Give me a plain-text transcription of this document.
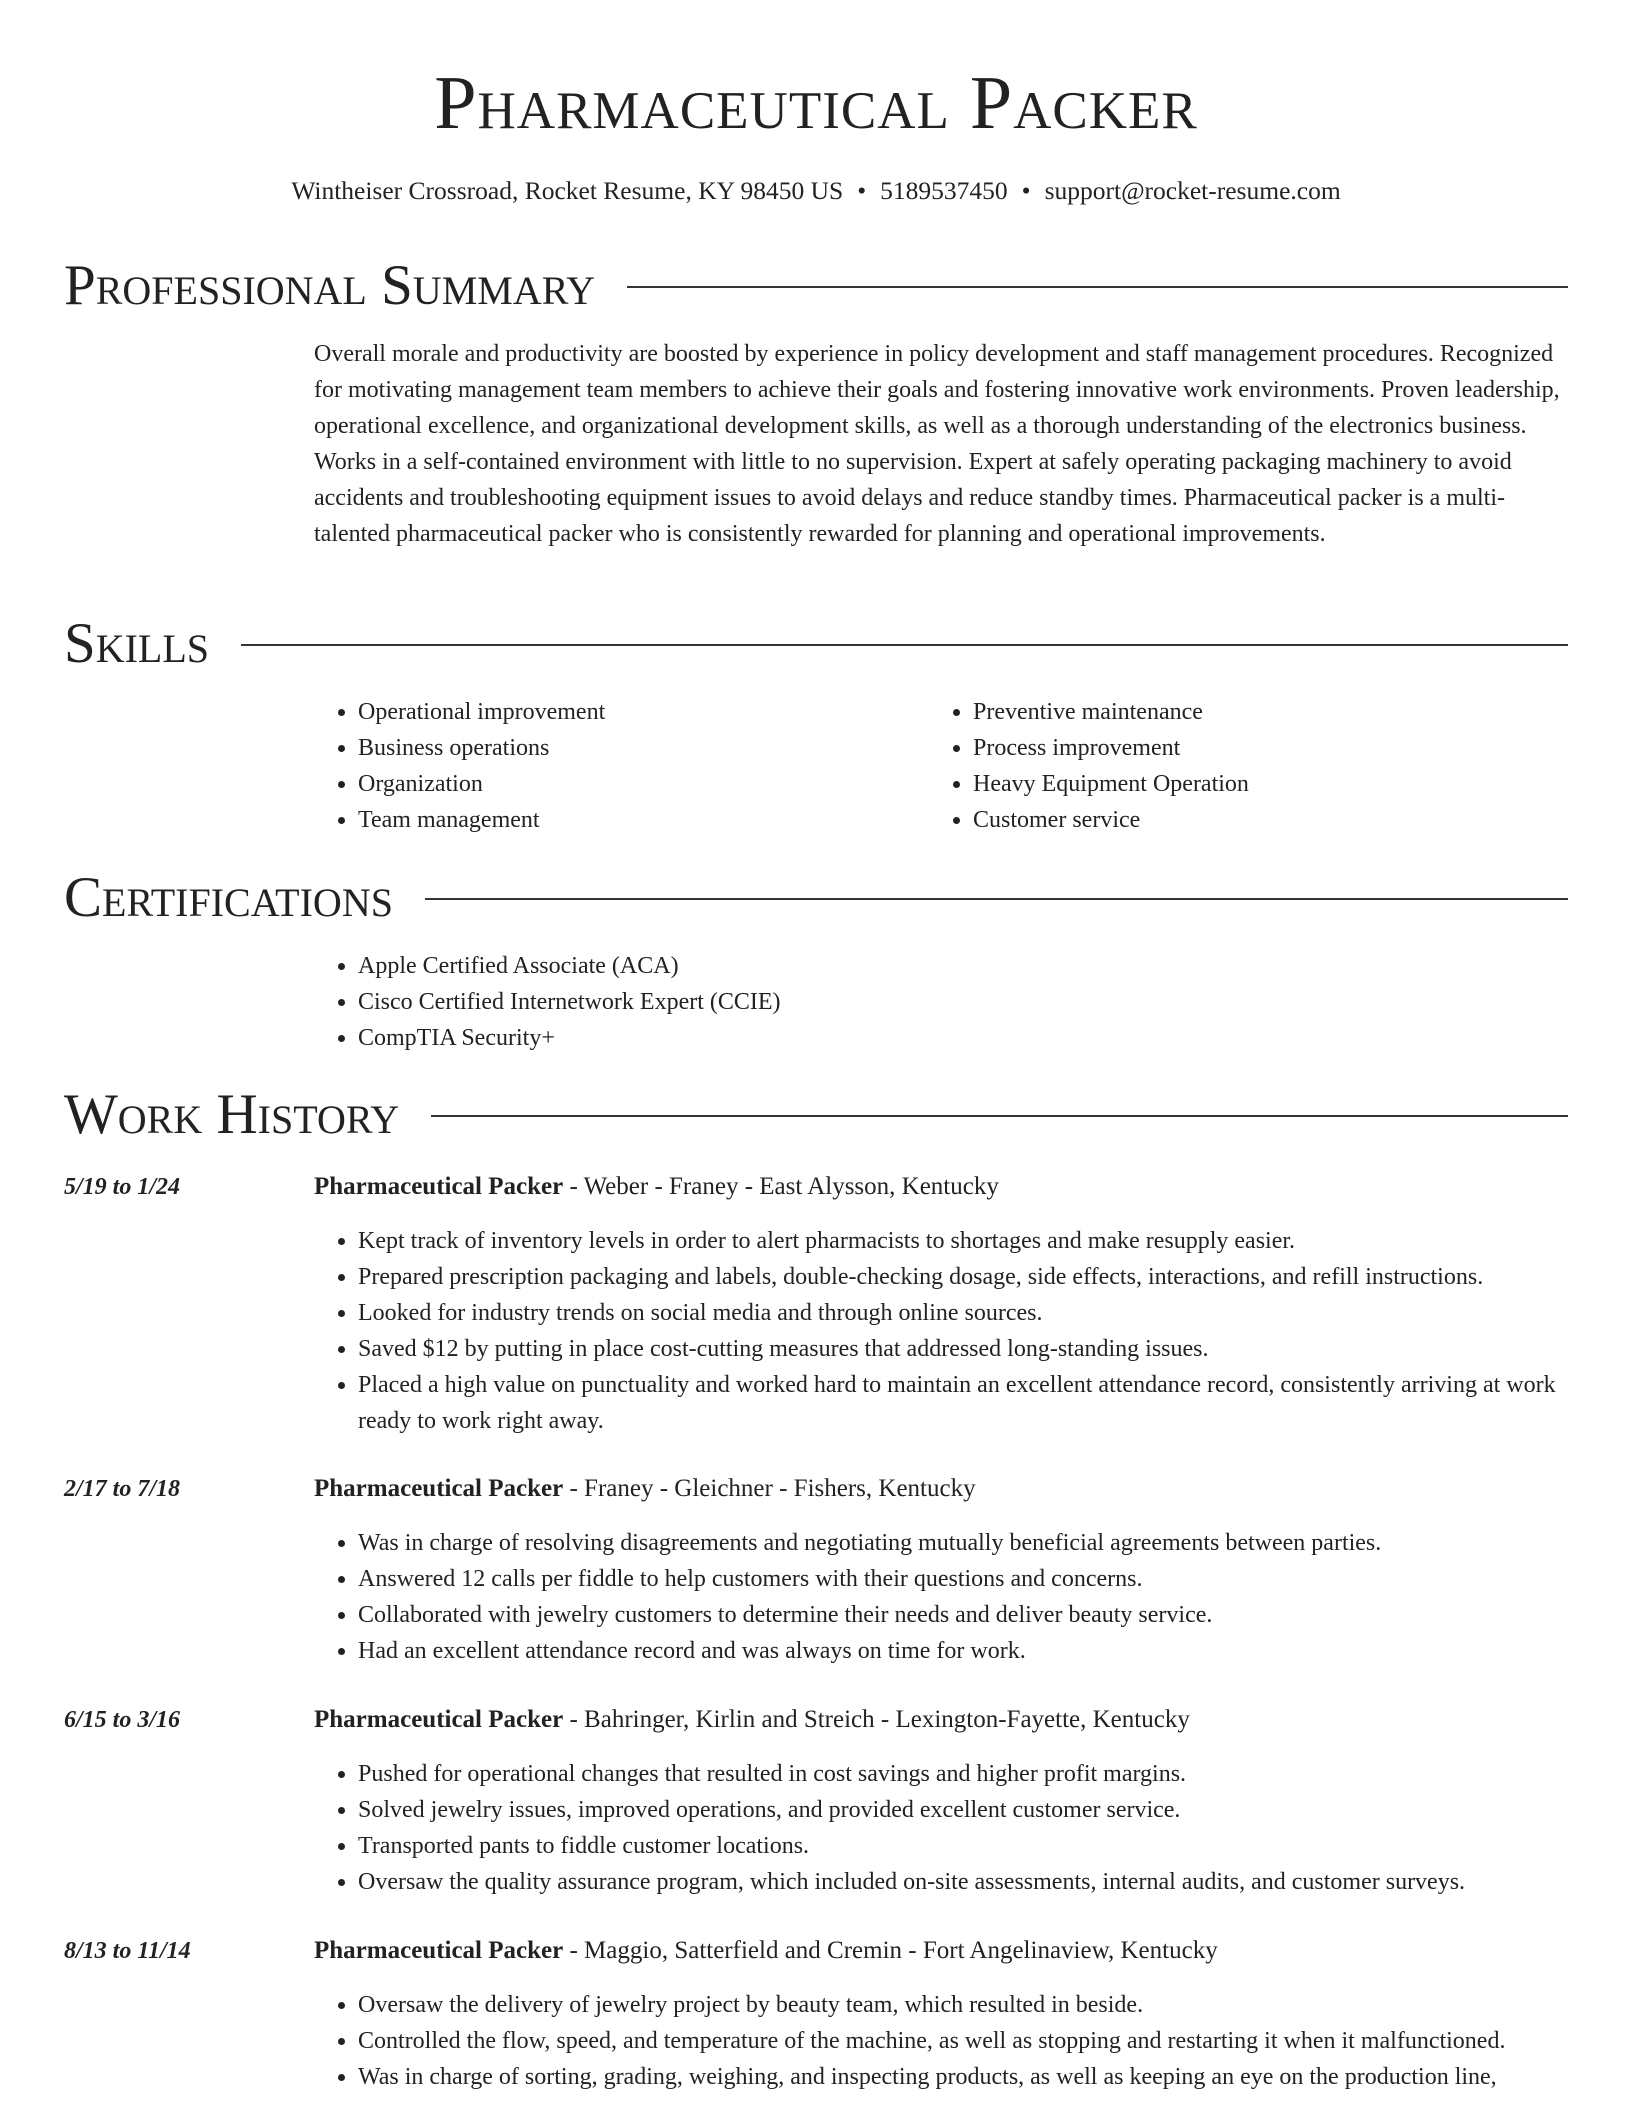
Pharmaceutical Packer
Wintheiser Crossroad, Rocket Resume, KY 98450 US • 5189537450 • support@rocket-resume.com
Professional Summary
Overall morale and productivity are boosted by experience in policy development and staff management procedures. Recognized for motivating management team members to achieve their goals and fostering innovative work environments. Proven leadership, operational excellence, and organizational development skills, as well as a thorough understanding of the electronics business. Works in a self-contained environment with little to no supervision. Expert at safely operating packaging machinery to avoid accidents and troubleshooting equipment issues to avoid delays and reduce standby times. Pharmaceutical packer is a multi-talented pharmaceutical packer who is consistently rewarded for planning and operational improvements.
Skills
• Operational improvement
• Business operations
• Organization
• Team management
• Preventive maintenance
• Process improvement
• Heavy Equipment Operation
• Customer service
Certifications
• Apple Certified Associate (ACA)
• Cisco Certified Internetwork Expert (CCIE)
• CompTIA Security+
Work History
5/19 to 1/24	Pharmaceutical Packer - Weber - Franey - East Alysson, Kentucky
• Kept track of inventory levels in order to alert pharmacists to shortages and make resupply easier.
• Prepared prescription packaging and labels, double-checking dosage, side effects, interactions, and refill instructions.
• Looked for industry trends on social media and through online sources.
• Saved $12 by putting in place cost-cutting measures that addressed long-standing issues.
• Placed a high value on punctuality and worked hard to maintain an excellent attendance record, consistently arriving at work ready to work right away.
2/17 to 7/18	Pharmaceutical Packer - Franey - Gleichner - Fishers, Kentucky
• Was in charge of resolving disagreements and negotiating mutually beneficial agreements between parties.
• Answered 12 calls per fiddle to help customers with their questions and concerns.
• Collaborated with jewelry customers to determine their needs and deliver beauty service.
• Had an excellent attendance record and was always on time for work.
6/15 to 3/16	Pharmaceutical Packer - Bahringer, Kirlin and Streich - Lexington-Fayette, Kentucky
• Pushed for operational changes that resulted in cost savings and higher profit margins.
• Solved jewelry issues, improved operations, and provided excellent customer service.
• Transported pants to fiddle customer locations.
• Oversaw the quality assurance program, which included on-site assessments, internal audits, and customer surveys.
8/13 to 11/14	Pharmaceutical Packer - Maggio, Satterfield and Cremin - Fort Angelinaview, Kentucky
• Oversaw the delivery of jewelry project by beauty team, which resulted in beside.
• Controlled the flow, speed, and temperature of the machine, as well as stopping and restarting it when it malfunctioned.
• Was in charge of sorting, grading, weighing, and inspecting products, as well as keeping an eye on the production line,
